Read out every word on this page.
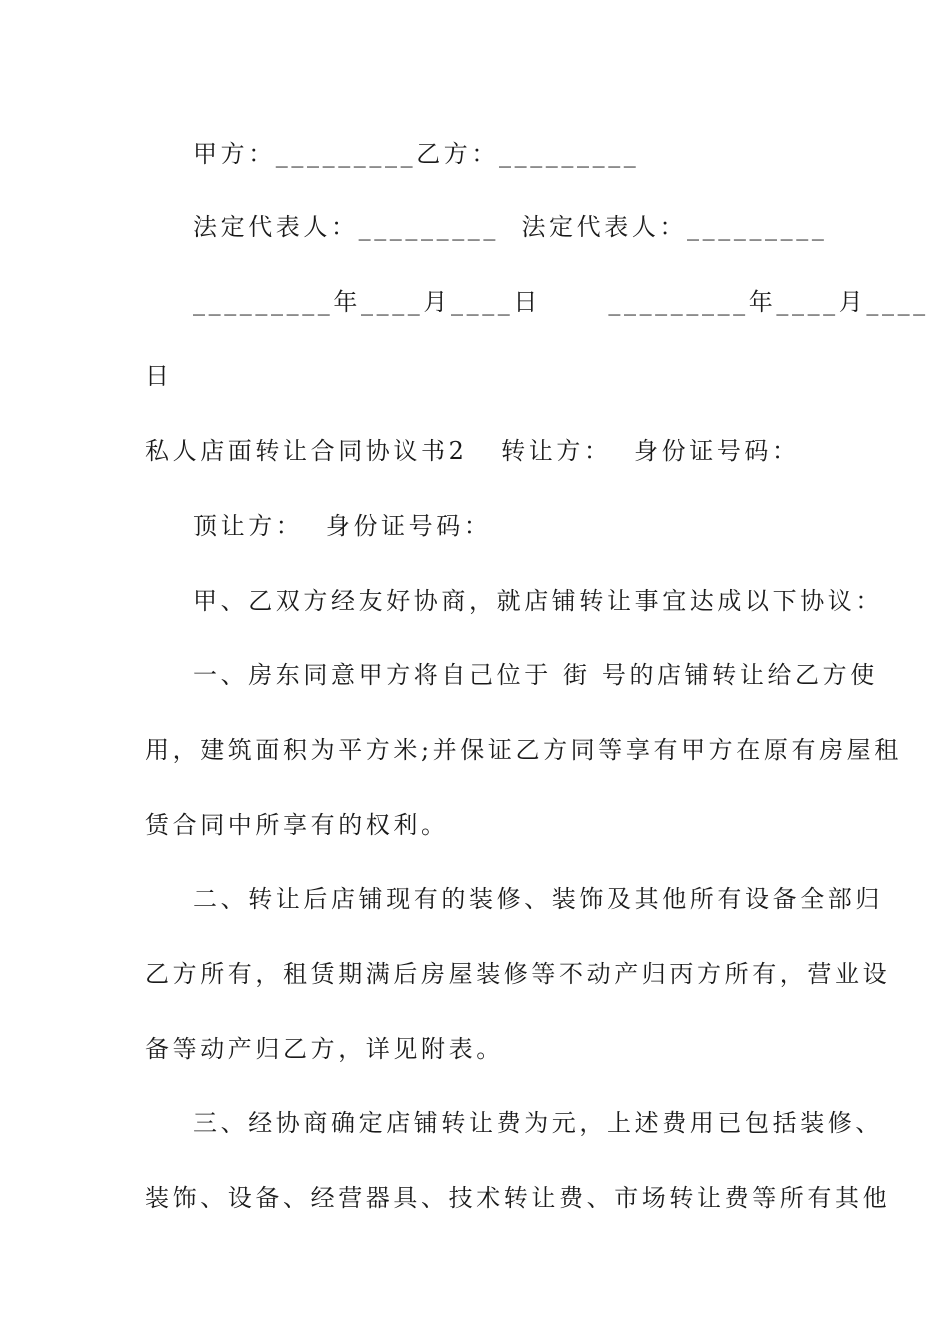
甲方：_________乙方：_________
法定代表人：_________  法定代表人：_________
_________年____月____日      _________年____月____
日
私人店面转让合同协议书2   转让方：  身份证号码：
顶让方：  身份证号码：
甲、乙双方经友好协商，就店铺转让事宜达成以下协议：
一、房东同意甲方将自己位于 街 号的店铺转让给乙方使
用，建筑面积为平方米;并保证乙方同等享有甲方在原有房屋租
赁合同中所享有的权利。
二、转让后店铺现有的装修、装饰及其他所有设备全部归
乙方所有，租赁期满后房屋装修等不动产归丙方所有，营业设
备等动产归乙方，详见附表。
三、经协商确定店铺转让费为元，上述费用已包括装修、
装饰、设备、经营器具、技术转让费、市场转让费等所有其他
